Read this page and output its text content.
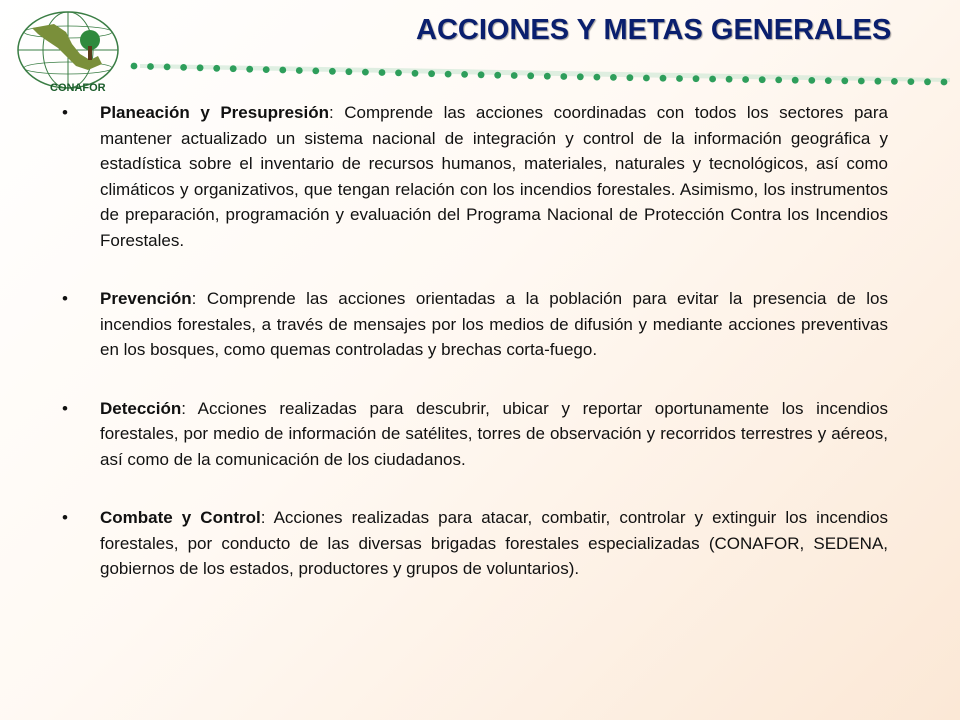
CONAFOR
ACCIONES Y METAS GENERALES
• Planeación y Presupresión: Comprende las acciones coordinadas con todos los sectores para mantener actualizado un sistema nacional de integración y control de la información geográfica y estadística sobre el inventario de recursos humanos, materiales, naturales y tecnológicos, así como climáticos y organizativos, que tengan relación con los incendios forestales. Asimismo, los instrumentos de preparación, programación y evaluación del Programa Nacional de Protección Contra los Incendios Forestales.
• Prevención: Comprende las acciones orientadas a la población para evitar la presencia de los incendios forestales, a través de mensajes por los medios de difusión y mediante acciones preventivas en los bosques, como quemas controladas y brechas corta-fuego.
• Detección: Acciones realizadas para descubrir, ubicar y reportar oportunamente los incendios forestales, por medio de información de satélites, torres de observación y recorridos terrestres y aéreos, así como de la comunicación de los ciudadanos.
• Combate y Control: Acciones realizadas para atacar, combatir, controlar y extinguir los incendios forestales, por conducto de las diversas brigadas forestales especializadas (CONAFOR, SEDENA, gobiernos de los estados, productores y grupos de voluntarios).
